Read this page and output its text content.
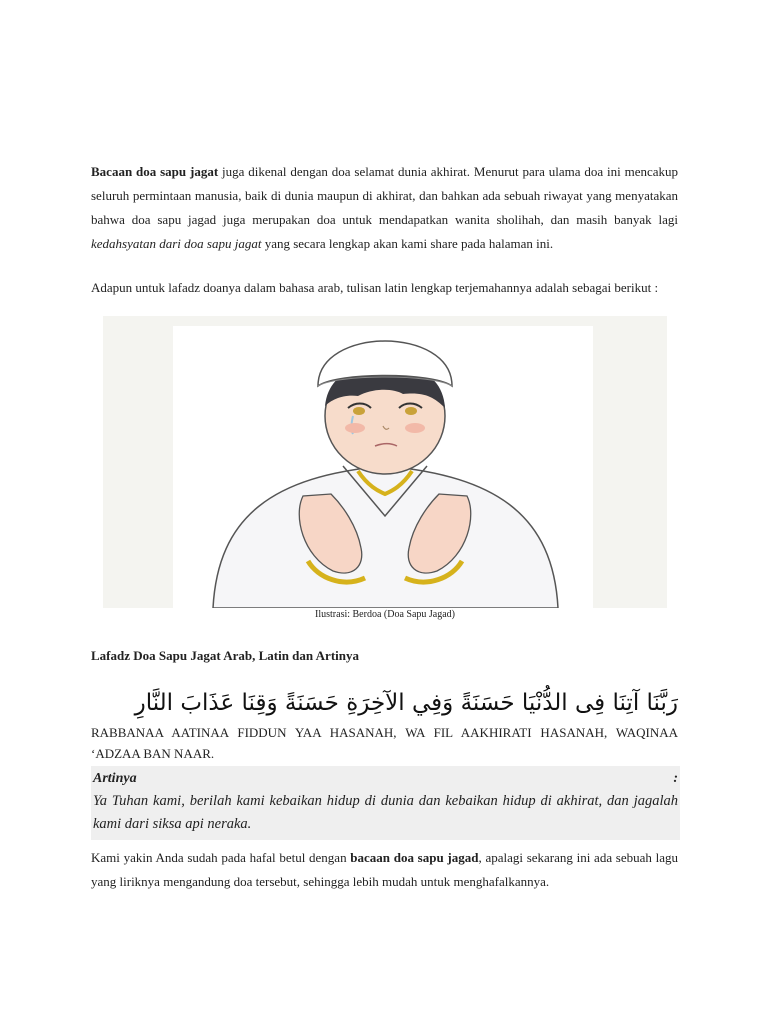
Bacaan doa sapu jagat juga dikenal dengan doa selamat dunia akhirat. Menurut para ulama doa ini mencakup seluruh permintaan manusia, baik di dunia maupun di akhirat, dan bahkan ada sebuah riwayat yang menyatakan bahwa doa sapu jagad juga merupakan doa untuk mendapatkan wanita sholihah, dan masih banyak lagi kedahsyatan dari doa sapu jagat yang secara lengkap akan kami share pada halaman ini.

Adapun untuk lafadz doanya dalam bahasa arab, tulisan latin lengkap terjemahannya adalah sebagai berikut :

Ilustrasi: Berdoa (Doa Sapu Jagad)
Lafadz Doa Sapu Jagat Arab, Latin dan Artinya
رَبَّنَا آتِنَا فِى الدُّنْيَا حَسَنَةً وَفِي الآخِرَةِ حَسَنَةً وَقِنَا عَذَابَ النَّارِ
RABBANAA AATINAA FIDDUN YAA HASANAH, WA FIL AAKHIRATI HASANAH, WAQINAA ‘ADZAA BAN NAAR.
Artinya	:
Ya Tuhan kami, berilah kami kebaikan hidup di dunia dan kebaikan hidup di akhirat, dan jagalah kami dari siksa api neraka.

Kami yakin Anda sudah pada hafal betul dengan bacaan doa sapu jagad, apalagi sekarang ini ada sebuah lagu yang liriknya mengandung doa tersebut, sehingga lebih mudah untuk menghafalkannya.
